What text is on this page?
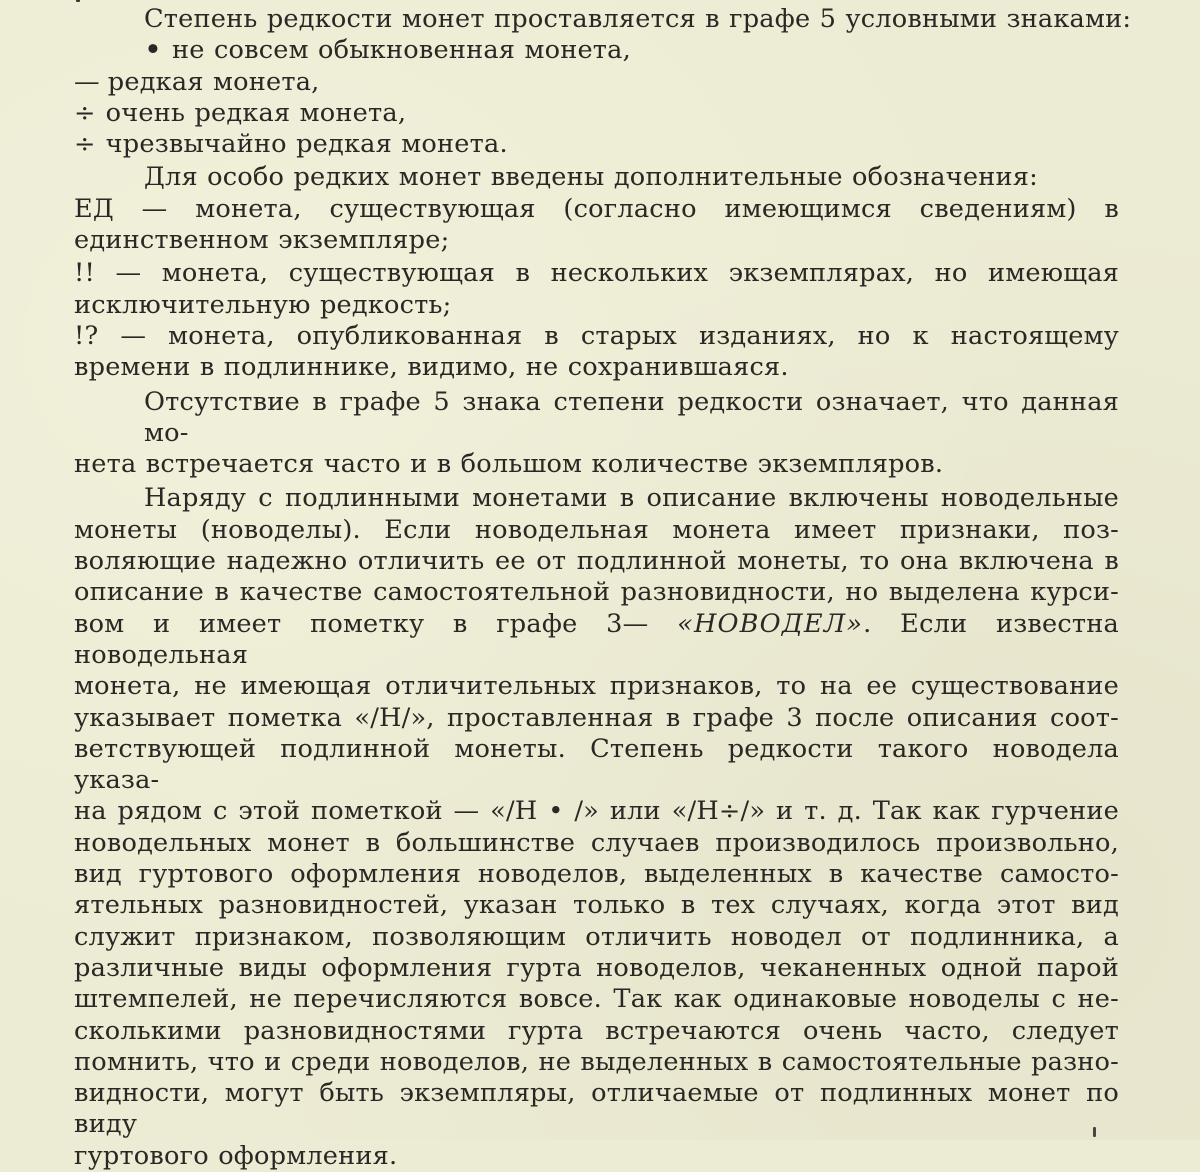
Степень редкости монет проставляется в графе 5 условными знаками:
• не совсем обыкновенная монета,
— редкая монета,
÷ очень редкая монета,
÷ чрезвычайно редкая монета.
Для особо редких монет введены дополнительные обозначения:
ЕД — монета, существующая (согласно имеющимся сведениям) в
единственном экземпляре;
!! — монета, существующая в нескольких экземплярах, но имеющая
исключительную редкость;
!? — монета, опубликованная в старых изданиях, но к настоящему
времени в подлиннике, видимо, не сохранившаяся.
Отсутствие в графе 5 знака степени редкости означает, что данная мо-
нета встречается часто и в большом количестве экземпляров.
Наряду с подлинными монетами в описание включены новодельные
монеты (новоделы). Если новодельная монета имеет признаки, поз-
воляющие надежно отличить ее от подлинной монеты, то она включена в
описание в качестве самостоятельной разновидности, но выделена курси-
вом и имеет пометку в графе 3— «НОВОДЕЛ». Если известна новодельная
монета, не имеющая отличительных признаков, то на ее существование
указывает пометка «/Н/», проставленная в графе 3 после описания соот-
ветствующей подлинной монеты. Степень редкости такого новодела указа-
на рядом с этой пометкой — «/Н • /» или «/Н÷/» и т. д. Так как гурчение
новодельных монет в большинстве случаев производилось произвольно,
вид гуртового оформления новоделов, выделенных в качестве самосто-
ятельных разновидностей, указан только в тех случаях, когда этот вид
служит признаком, позволяющим отличить новодел от подлинника, а
различные виды оформления гурта новоделов, чеканенных одной парой
штемпелей, не перечисляются вовсе. Так как одинаковые новоделы с не-
сколькими разновидностями гурта встречаются очень часто, следует
помнить, что и среди новоделов, не выделенных в самостоятельные разно-
видности, могут быть экземпляры, отличаемые от подлинных монет по виду
гуртового оформления.
